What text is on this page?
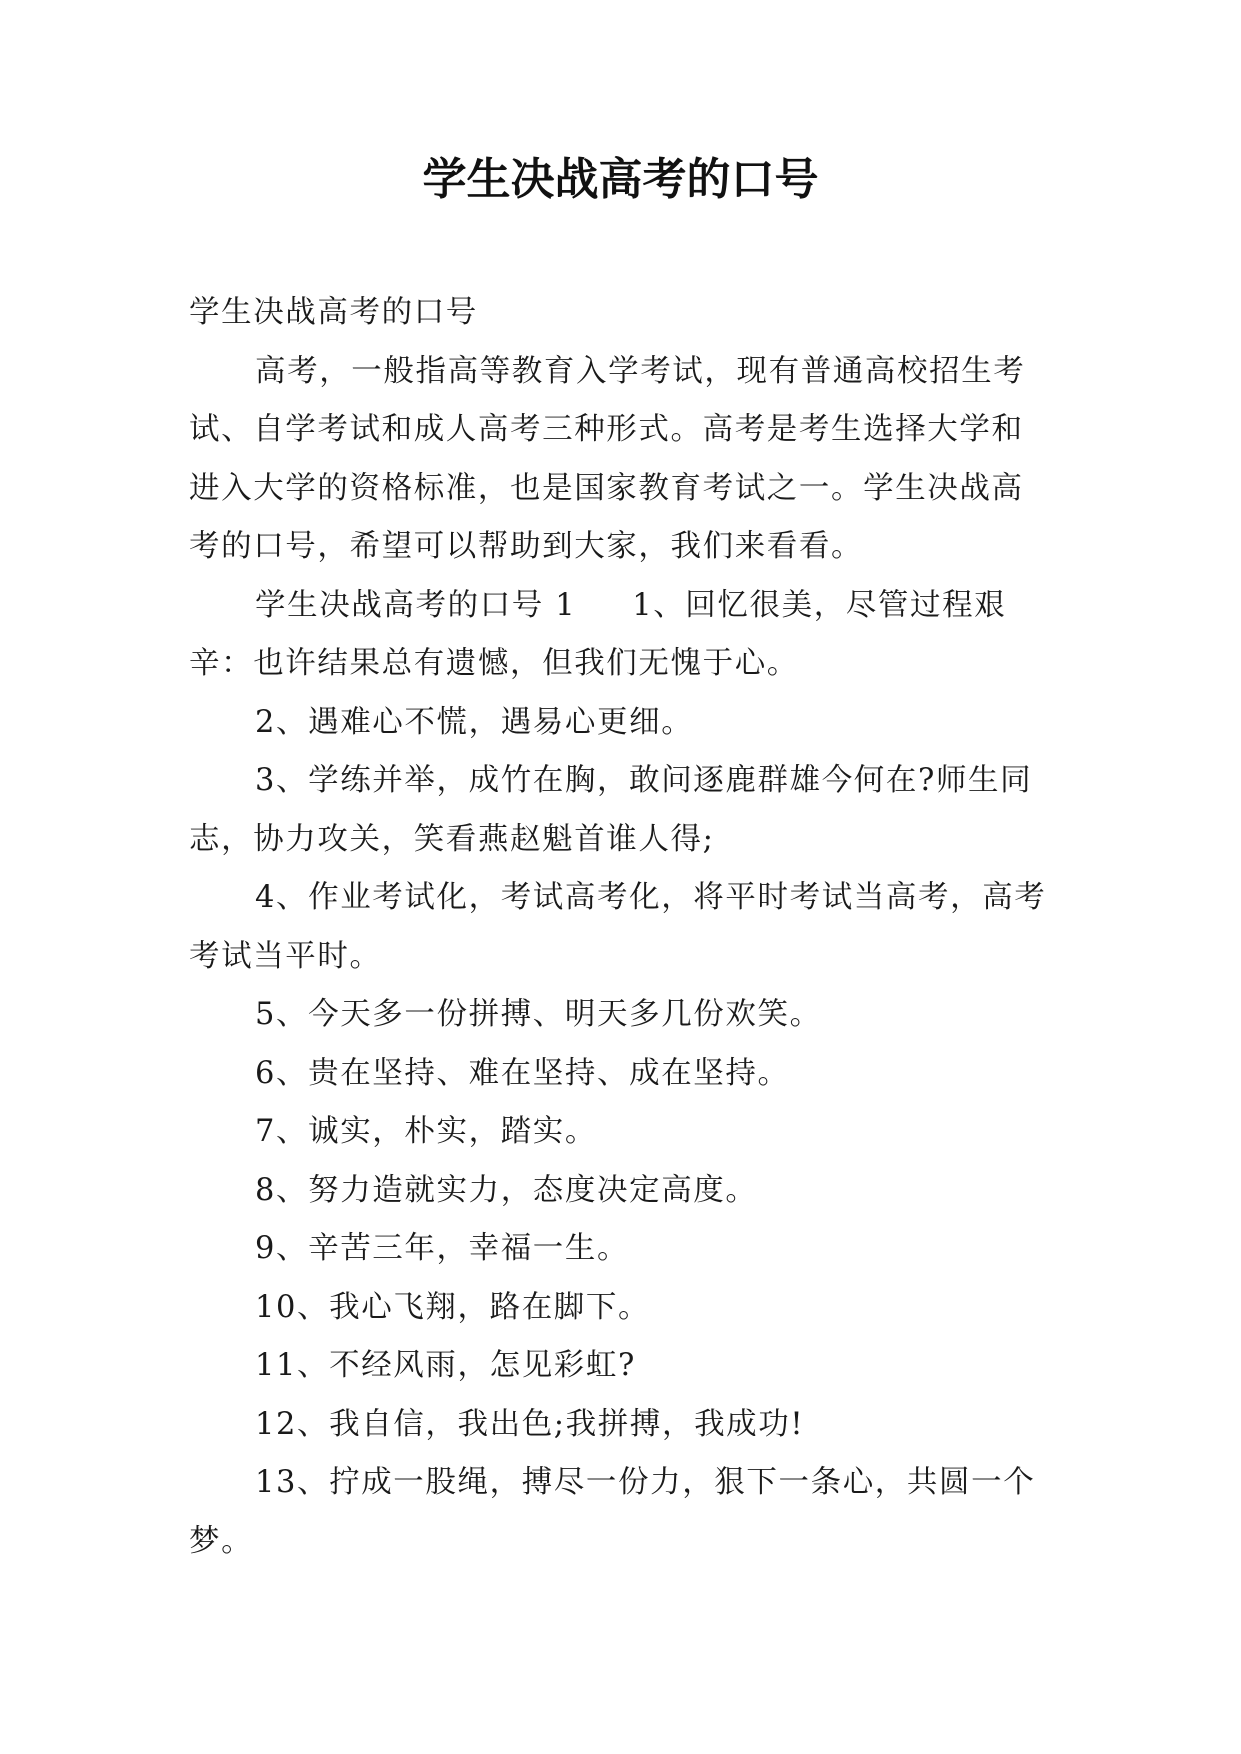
学生决战高考的口号

学生决战高考的口号

高考，一般指高等教育入学考试，现有普通高校招生考试、自学考试和成人高考三种形式。高考是考生选择大学和进入大学的资格标准，也是国家教育考试之一。学生决战高考的口号，希望可以帮助到大家，我们来看看。

学生决战高考的口号 1 1、回忆很美，尽管过程艰辛：也许结果总有遗憾，但我们无愧于心。

2、遇难心不慌，遇易心更细。

3、学练并举，成竹在胸，敢问逐鹿群雄今何在?师生同志，协力攻关，笑看燕赵魁首谁人得;

4、作业考试化，考试高考化，将平时考试当高考，高考考试当平时。

5、今天多一份拼搏、明天多几份欢笑。

6、贵在坚持、难在坚持、成在坚持。

7、诚实，朴实，踏实。

8、努力造就实力，态度决定高度。

9、辛苦三年，幸福一生。

10、我心飞翔，路在脚下。

11、不经风雨，怎见彩虹?

12、我自信，我出色;我拼搏，我成功!

13、拧成一股绳，搏尽一份力，狠下一条心，共圆一个梦。
